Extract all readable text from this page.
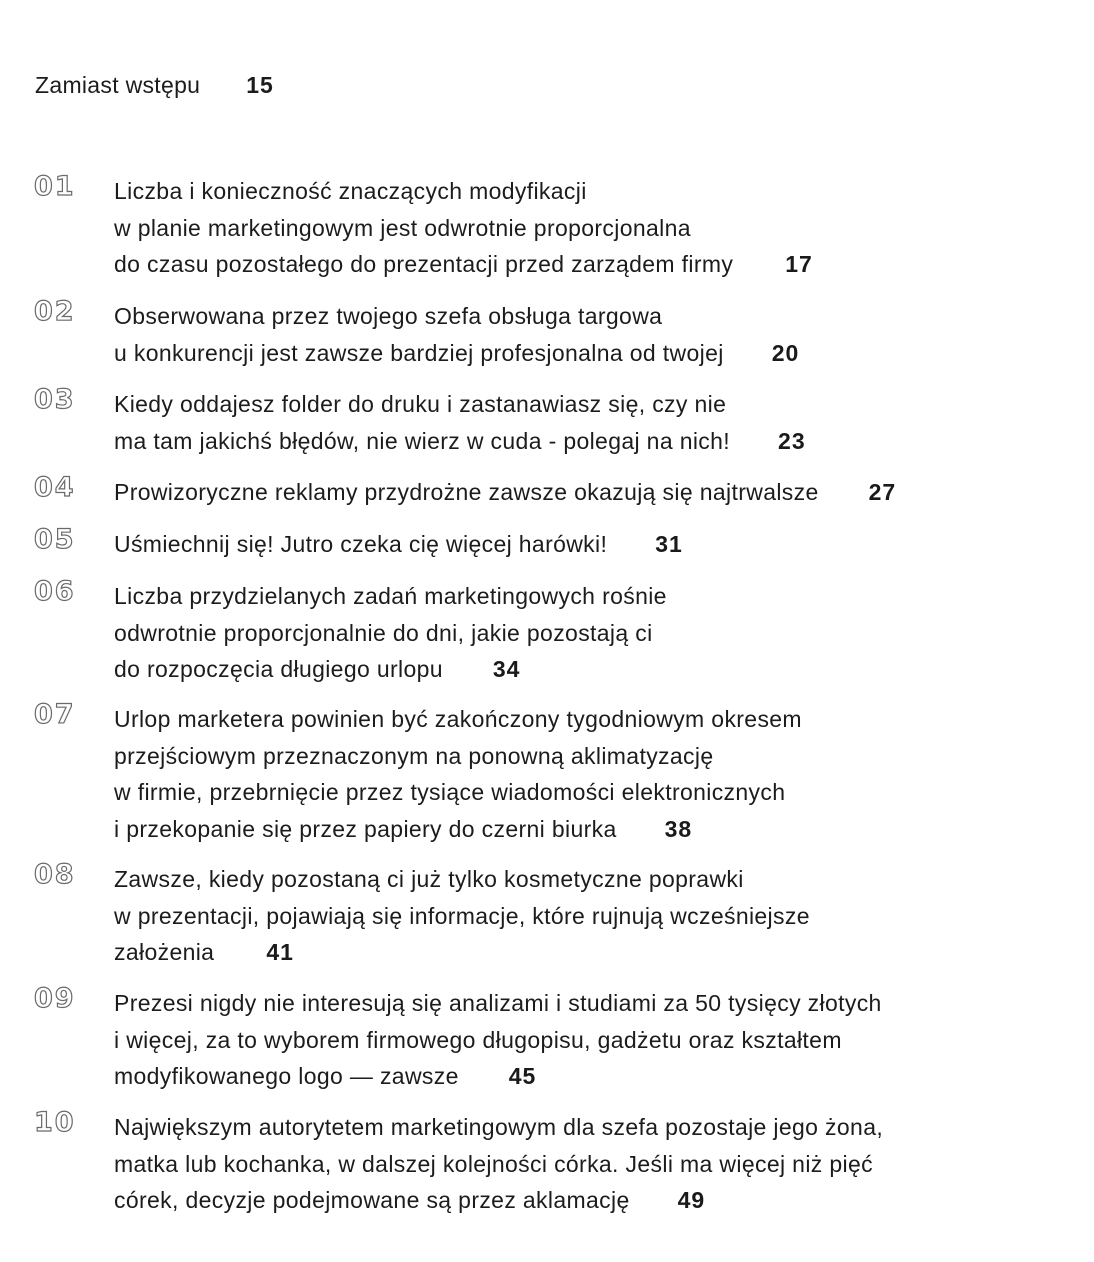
Zamiast wstępu 15
01 Liczba i konieczność znaczących modyfikacji
w planie marketingowym jest odwrotnie proporcjonalna
do czasu pozostałego do prezentacji przed zarządem firmy 17
02 Obserwowana przez twojego szefa obsługa targowa
u konkurencji jest zawsze bardziej profesjonalna od twojej 20
03 Kiedy oddajesz folder do druku i zastanawiasz się, czy nie
ma tam jakichś błędów, nie wierz w cuda - polegaj na nich! 23
04 Prowizoryczne reklamy przydrożne zawsze okazują się najtrwalsze 27
05 Uśmiechnij się! Jutro czeka cię więcej harówki! 31
06 Liczba przydzielanych zadań marketingowych rośnie
odwrotnie proporcjonalnie do dni, jakie pozostają ci
do rozpoczęcia długiego urlopu 34
07 Urlop marketera powinien być zakończony tygodniowym okresem
przejściowym przeznaczonym na ponowną aklimatyzację
w firmie, przebrnięcie przez tysiące wiadomości elektronicznych
i przekopanie się przez papiery do czerni biurka 38
08 Zawsze, kiedy pozostaną ci już tylko kosmetyczne poprawki
w prezentacji, pojawiają się informacje, które rujnują wcześniejsze
założenia 41
09 Prezesi nigdy nie interesują się analizami i studiami za 50 tysięcy złotych
i więcej, za to wyborem firmowego długopisu, gadżetu oraz kształtem
modyfikowanego logo — zawsze 45
10 Największym autorytetem marketingowym dla szefa pozostaje jego żona,
matka lub kochanka, w dalszej kolejności córka. Jeśli ma więcej niż pięć
córek, decyzje podejmowane są przez aklamację 49
